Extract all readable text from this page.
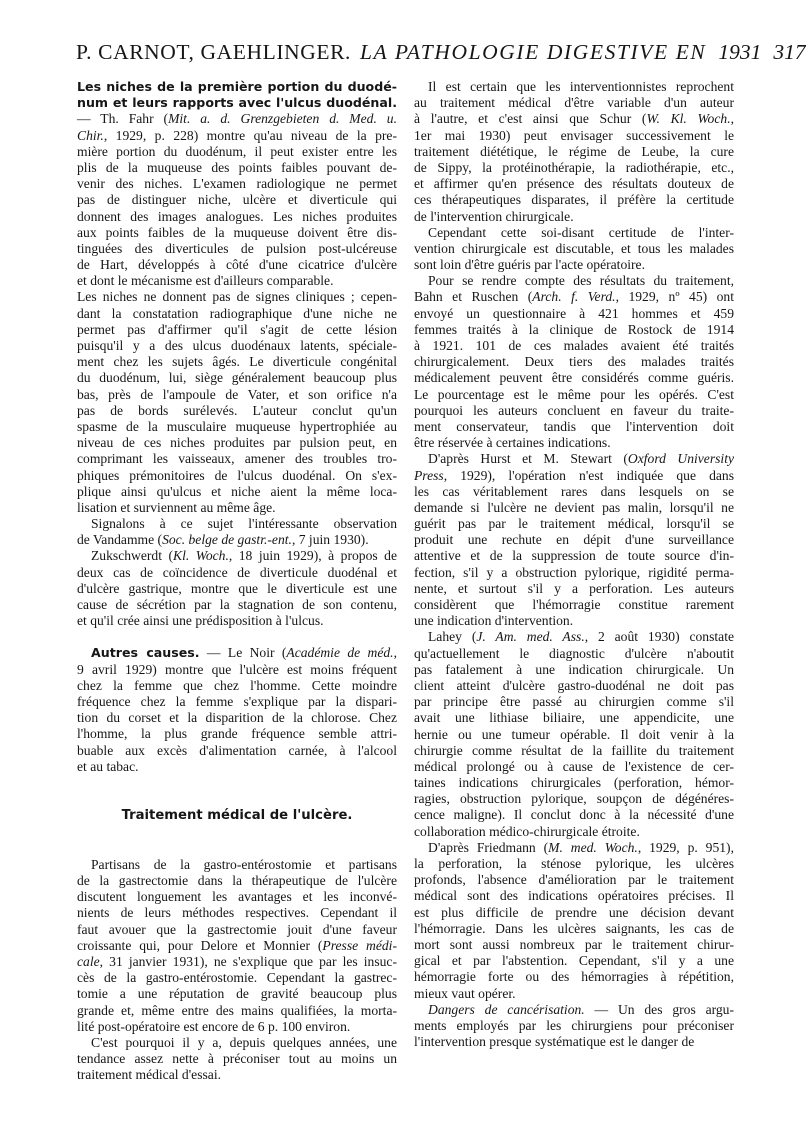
P. CARNOT, GAEHLINGER. LA PATHOLOGIE DIGESTIVE EN 1931 317
Les niches de la première portion du duodé-
num et leurs rapports avec l'ulcus duodénal.
— Th. Fahr (Mit. a. d. Grenzgebieten d. Med. u.
Chir., 1929, p. 228) montre qu'au niveau de la pre-
mière portion du duodénum, il peut exister entre les
plis de la muqueuse des points faibles pouvant de-
venir des niches. L'examen radiologique ne permet
pas de distinguer niche, ulcère et diverticule qui
donnent des images analogues. Les niches produites
aux points faibles de la muqueuse doivent être dis-
tinguées des diverticules de pulsion post-ulcéreuse
de Hart, développés à côté d'une cicatrice d'ulcère
et dont le mécanisme est d'ailleurs comparable.
Les niches ne donnent pas de signes cliniques ; cepen-
dant la constatation radiographique d'une niche ne
permet pas d'affirmer qu'il s'agit de cette lésion
puisqu'il y a des ulcus duodénaux latents, spéciale-
ment chez les sujets âgés. Le diverticule congénital
du duodénum, lui, siège généralement beaucoup plus
bas, près de l'ampoule de Vater, et son orifice n'a
pas de bords surélevés. L'auteur conclut qu'un
spasme de la musculaire muqueuse hypertrophiée au
niveau de ces niches produites par pulsion peut, en
comprimant les vaisseaux, amener des troubles tro-
phiques prémonitoires de l'ulcus duodénal. On s'ex-
plique ainsi qu'ulcus et niche aient la même loca-
lisation et surviennent au même âge.
Signalons à ce sujet l'intéressante observation
de Vandamme (Soc. belge de gastr.-ent., 7 juin 1930).
Zukschwerdt (Kl. Woch., 18 juin 1929), à propos de
deux cas de coïncidence de diverticule duodénal et
d'ulcère gastrique, montre que le diverticule est une
cause de sécrétion par la stagnation de son contenu,
et qu'il crée ainsi une prédisposition à l'ulcus.
Autres causes. — Le Noir (Académie de méd.,
9 avril 1929) montre que l'ulcère est moins fréquent
chez la femme que chez l'homme. Cette moindre
fréquence chez la femme s'explique par la dispari-
tion du corset et la disparition de la chlorose. Chez
l'homme, la plus grande fréquence semble attri-
buable aux excès d'alimentation carnée, à l'alcool
et au tabac.
Traitement médical de l'ulcère.
Partisans de la gastro-entérostomie et partisans
de la gastrectomie dans la thérapeutique de l'ulcère
discutent longuement les avantages et les inconvé-
nients de leurs méthodes respectives. Cependant il
faut avouer que la gastrectomie jouit d'une faveur
croissante qui, pour Delore et Monnier (Presse médi-
cale, 31 janvier 1931), ne s'explique que par les insuc-
cès de la gastro-entérostomie. Cependant la gastrec-
tomie a une réputation de gravité beaucoup plus
grande et, même entre des mains qualifiées, la morta-
lité post-opératoire est encore de 6 p. 100 environ.
C'est pourquoi il y a, depuis quelques années, une
tendance assez nette à préconiser tout au moins un
traitement médical d'essai.
Il est certain que les interventionnistes reprochent
au traitement médical d'être variable d'un auteur
à l'autre, et c'est ainsi que Schur (W. Kl. Woch.,
1er mai 1930) peut envisager successivement le
traitement diététique, le régime de Leube, la cure
de Sippy, la protéinothérapie, la radiothérapie, etc.,
et affirmer qu'en présence des résultats douteux de
ces thérapeutiques disparates, il préfère la certitude
de l'intervention chirurgicale.
Cependant cette soi-disant certitude de l'inter-
vention chirurgicale est discutable, et tous les malades
sont loin d'être guéris par l'acte opératoire.
Pour se rendre compte des résultats du traitement,
Bahn et Ruschen (Arch. f. Verd., 1929, nº 45) ont
envoyé un questionnaire à 421 hommes et 459
femmes traités à la clinique de Rostock de 1914
à 1921. 101 de ces malades avaient été traités
chirurgicalement. Deux tiers des malades traités
médicalement peuvent être considérés comme guéris.
Le pourcentage est le même pour les opérés. C'est
pourquoi les auteurs concluent en faveur du traite-
ment conservateur, tandis que l'intervention doit
être réservée à certaines indications.
D'après Hurst et M. Stewart (Oxford University
Press, 1929), l'opération n'est indiquée que dans
les cas véritablement rares dans lesquels on se
demande si l'ulcère ne devient pas malin, lorsqu'il ne
guérit pas par le traitement médical, lorsqu'il se
produit une rechute en dépit d'une surveillance
attentive et de la suppression de toute source d'in-
fection, s'il y a obstruction pylorique, rigidité perma-
nente, et surtout s'il y a perforation. Les auteurs
considèrent que l'hémorragie constitue rarement
une indication d'intervention.
Lahey (J. Am. med. Ass., 2 août 1930) constate
qu'actuellement le diagnostic d'ulcère n'aboutit
pas fatalement à une indication chirurgicale. Un
client atteint d'ulcère gastro-duodénal ne doit pas
par principe être passé au chirurgien comme s'il
avait une lithiase biliaire, une appendicite, une
hernie ou une tumeur opérable. Il doit venir à la
chirurgie comme résultat de la faillite du traitement
médical prolongé ou à cause de l'existence de cer-
taines indications chirurgicales (perforation, hémor-
ragies, obstruction pylorique, soupçon de dégénéres-
cence maligne). Il conclut donc à la nécessité d'une
collaboration médico-chirurgicale étroite.
D'après Friedmann (M. med. Woch., 1929, p. 951),
la perforation, la sténose pylorique, les ulcères
profonds, l'absence d'amélioration par le traitement
médical sont des indications opératoires précises. Il
est plus difficile de prendre une décision devant
l'hémorragie. Dans les ulcères saignants, les cas de
mort sont aussi nombreux par le traitement chirur-
gical et par l'abstention. Cependant, s'il y a une
hémorragie forte ou des hémorragies à répétition,
mieux vaut opérer.
Dangers de cancérisation. — Un des gros argu-
ments employés par les chirurgiens pour préconiser
l'intervention presque systématique est le danger de
